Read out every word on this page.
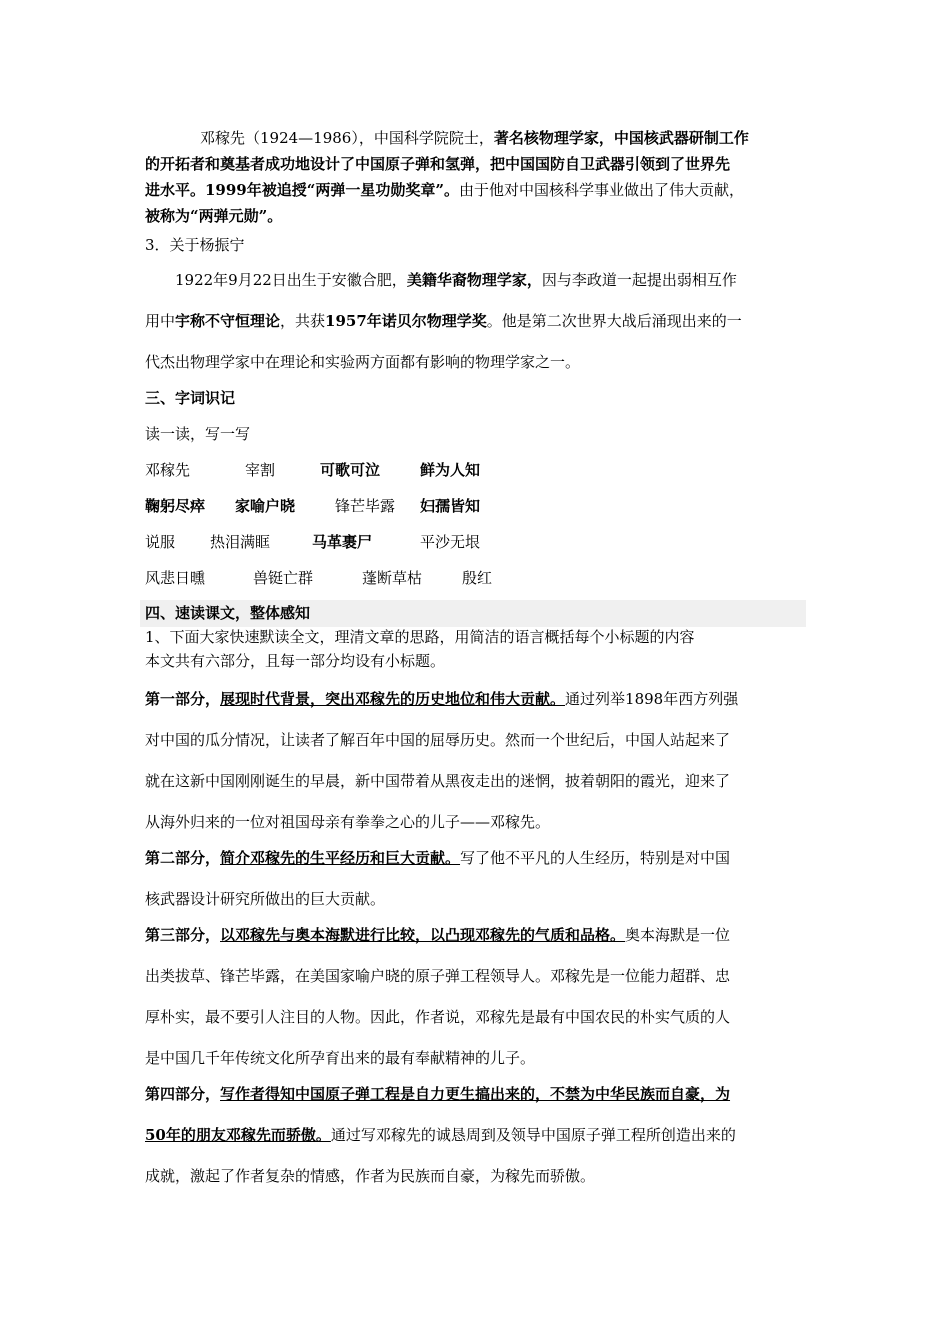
邓稼先（1924—1986），中国科学院院士，著名核物理学家，中国核武器研制工作
的开拓者和奠基者成功地设计了中国原子弹和氢弹，把中国国防自卫武器引领到了世界先
进水平。1999年被追授“两弹一星功勋奖章”。由于他对中国核科学事业做出了伟大贡献，
被称为“两弹元勋”。
3．关于杨振宁
1922年9月22日出生于安徽合肥，美籍华裔物理学家，因与李政道一起提出弱相互作
用中宇称不守恒理论，共获1957年诺贝尔物理学奖。他是第二次世界大战后涌现出来的一
代杰出物理学家中在理论和实验两方面都有影响的物理学家之一。
三、字词识记
读一读，写一写
邓稼先	宰割	可歌可泣	鲜为人知
鞠躬尽瘁 家喻户晓	锋芒毕露 妇孺皆知
说服 热泪满眶	马革裹尸	平沙无垠
风悲日曛	兽铤亡群	蓬断草枯	殷红
四、速读课文，整体感知
1、下面大家快速默读全文，理清文章的思路，用简洁的语言概括每个小标题的内容
本文共有六部分，且每一部分均设有小标题。
第一部分，展现时代背景，突出邓稼先的历史地位和伟大贡献。通过列举1898年西方列强
对中国的瓜分情况，让读者了解百年中国的屈辱历史。然而一个世纪后，中国人站起来了
就在这新中国刚刚诞生的早晨，新中国带着从黑夜走出的迷惘，披着朝阳的霞光，迎来了
从海外归来的一位对祖国母亲有拳拳之心的儿子——邓稼先。
第二部分，简介邓稼先的生平经历和巨大贡献。写了他不平凡的人生经历，特别是对中国
核武器设计研究所做出的巨大贡献。
第三部分，以邓稼先与奥本海默进行比较，以凸现邓稼先的气质和品格。奥本海默是一位
出类拔草、锋芒毕露，在美国家喻户晓的原子弹工程领导人。邓稼先是一位能力超群、忠
厚朴实，最不要引人注目的人物。因此，作者说，邓稼先是最有中国农民的朴实气质的人
是中国几千年传统文化所孕育出来的最有奉献精神的儿子。
第四部分，写作者得知中国原子弹工程是自力更生搞出来的，不禁为中华民族而自豪，为
50年的朋友邓稼先而骄傲。通过写邓稼先的诚恳周到及领导中国原子弹工程所创造出来的
成就，激起了作者复杂的情感，作者为民族而自豪，为稼先而骄傲。
